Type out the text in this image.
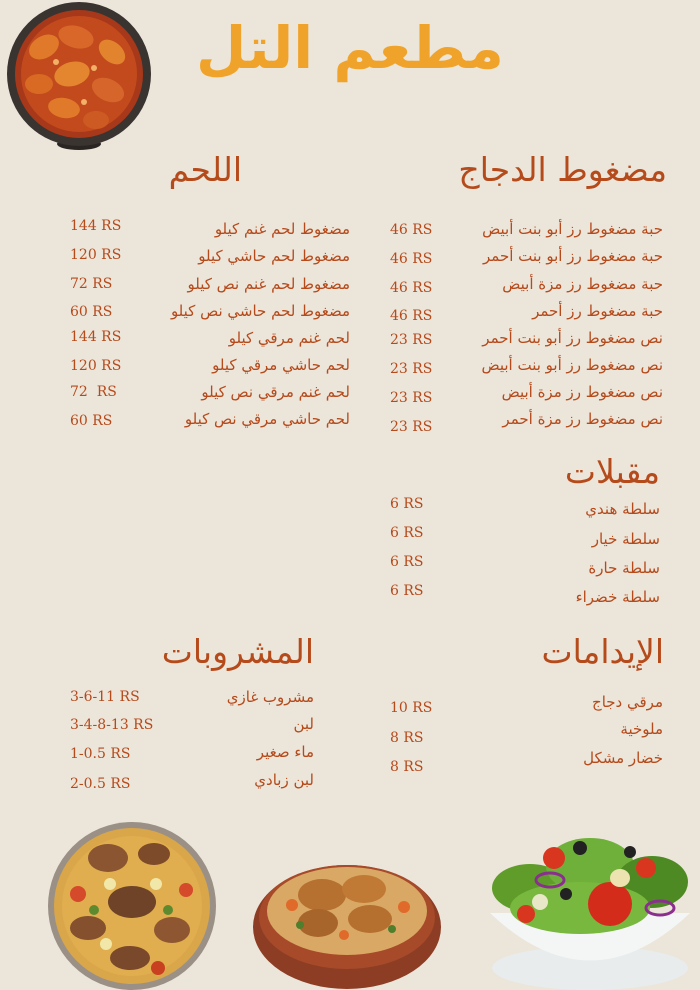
مطعم التل
مضغوط الدجاج
حبة مضغوط رز أبو بنت أبيض
حبة مضغوط رز أبو بنت أحمر
حبة مضغوط رز مزة أبيض
حبة مضغوط رز أحمر
نص مضغوط رز أبو بنت أحمر
نص مضغوط رز أبو بنت أبيض
نص مضغوط رز مزة أبيض
نص مضغوط رز مزة أحمر
46 RS
46 RS
46 RS
46 RS
23 RS
23 RS
23 RS
23 RS
اللحم
مضغوط لحم غنم كيلو
مضغوط لحم حاشي كيلو
مضغوط لحم غنم نص كيلو
مضغوط لحم حاشي نص كيلو
لحم غنم مرقي كيلو
لحم حاشي مرقي كيلو
لحم غنم مرقي نص كيلو
لحم حاشي مرقي نص كيلو
144 RS
120 RS
72 RS
60 RS
144 RS
120 RS
72  RS
60 RS
مقبلات
سلطة هندي
سلطة خيار
سلطة حارة
سلطة خضراء
6 RS
6 RS
6 RS
6 RS
الإيدامات
مرقي دجاج
ملوخية
خضار مشكل
10 RS
8 RS
8 RS
المشروبات
مشروب غازي
لبن
ماء صغير
لبن زبادي
3-6-11 RS
3-4-8-13 RS
1-0.5 RS
2-0.5 RS
